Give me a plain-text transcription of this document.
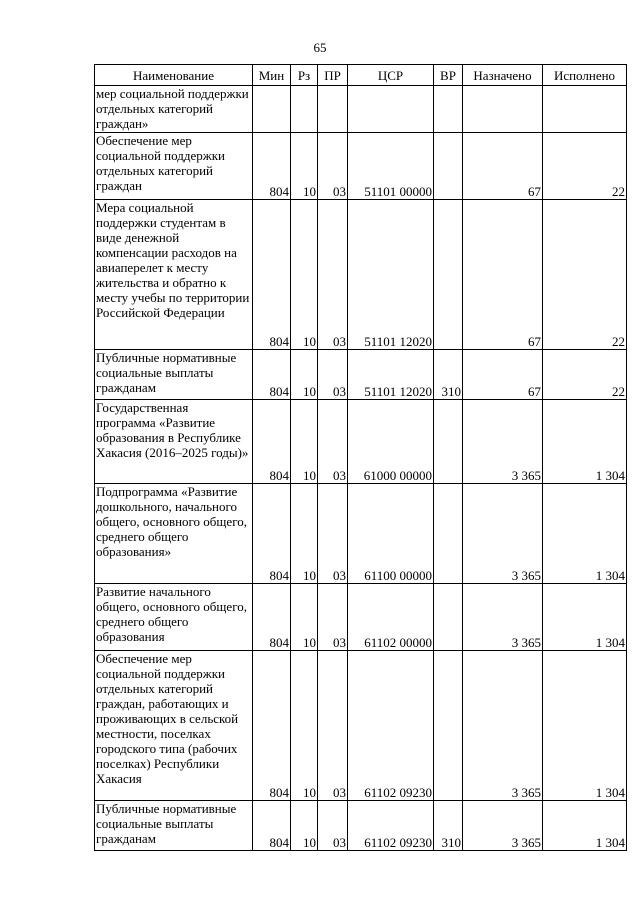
65
Наименование	Мин	Рз	ПР	ЦСР	ВР	Назначено	Исполнено
мер социальной поддержки отдельных категорий граждан»							
Обеспечение мер социальной поддержки отдельных категорий граждан	804	10	03	51101 00000		67	22
Мера социальной поддержки студентам в виде денежной компенсации расходов на авиаперелет к месту жительства и обратно к месту учебы по территории Российской Федерации	804	10	03	51101 12020		67	22
Публичные нормативные социальные выплаты гражданам	804	10	03	51101 12020	310	67	22
Государственная программа «Развитие образования в Республике Хакасия (2016–2025 годы)»	804	10	03	61000 00000		3 365	1 304
Подпрограмма «Развитие дошкольного, начального общего, основного общего, среднего общего образования»	804	10	03	61100 00000		3 365	1 304
Развитие начального общего, основного общего, среднего общего образования	804	10	03	61102 00000		3 365	1 304
Обеспечение мер социальной поддержки отдельных категорий граждан, работающих и проживающих в сельской местности, поселках городского типа (рабочих поселках) Республики Хакасия	804	10	03	61102 09230		3 365	1 304
Публичные нормативные социальные выплаты гражданам	804	10	03	61102 09230	310	3 365	1 304
